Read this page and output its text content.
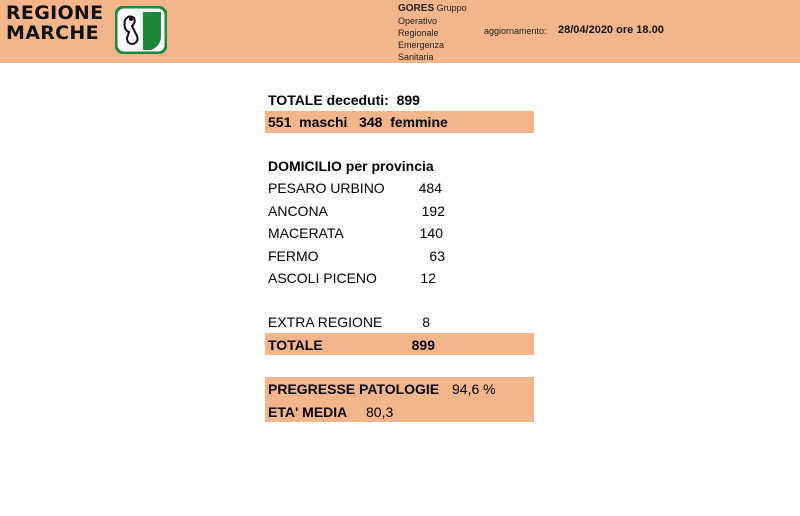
REGIONE
MARCHE
GORES Gruppo
Operativo
Regionale
Emergenza
Sanitaria
aggiornamento: 28/04/2020 ore 18.00
TOTALE deceduti: 899
551 maschi 348 femmine
DOMICILIO per provincia
PESARO URBINO	484
ANCONA	192
MACERATA	140
FERMO	63
ASCOLI PICENO	12
EXTRA REGIONE	8
TOTALE	899
PREGRESSE PATOLOGIE 94,6 %
ETA' MEDIA 80,3
